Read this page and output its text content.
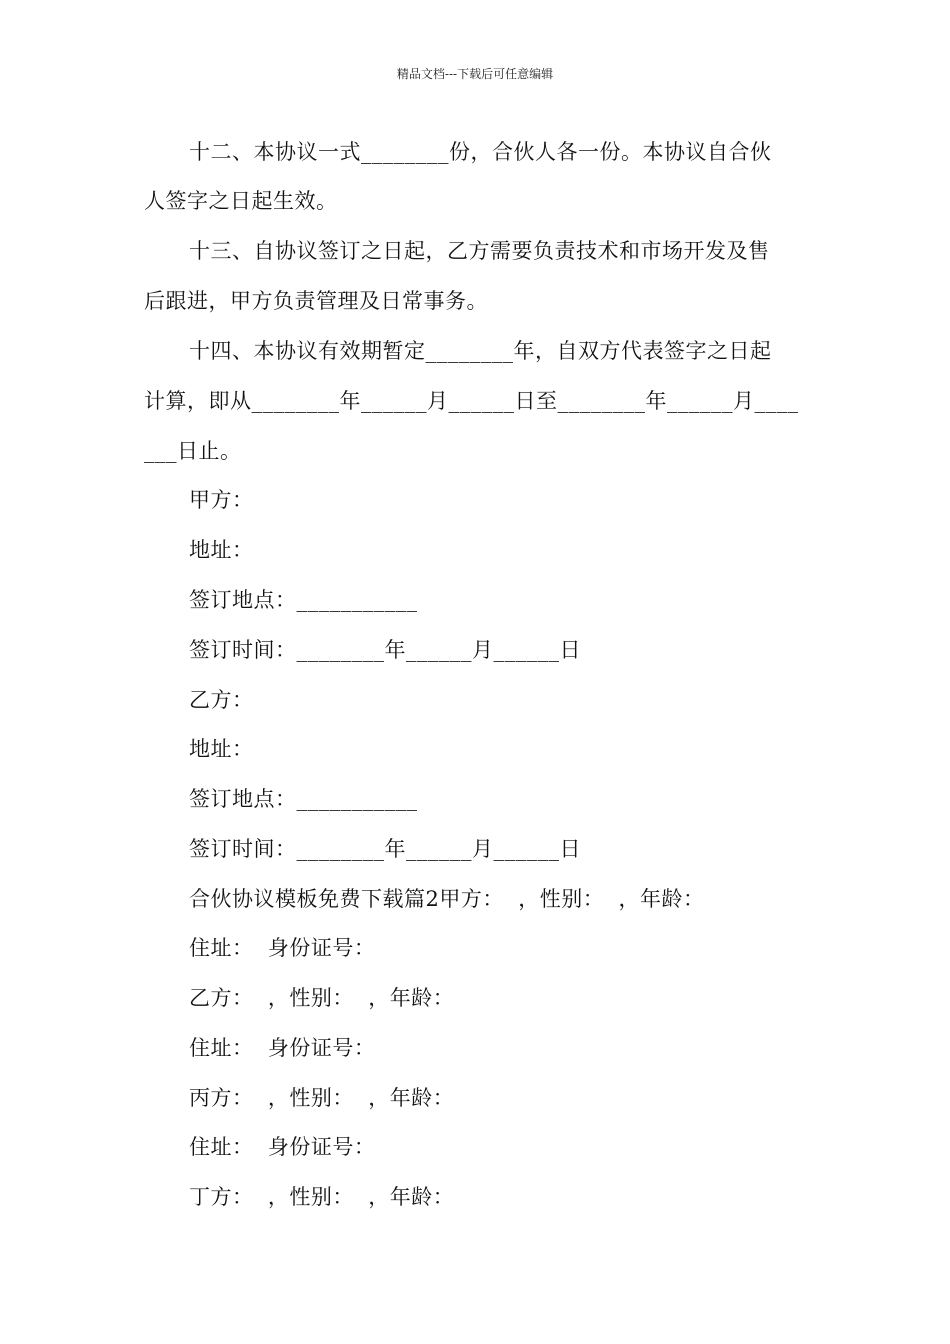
精品文档---下载后可任意编辑
十二、本协议一式________份，合伙人各一份。本协议自合伙
人签字之日起生效。
十三、自协议签订之日起，乙方需要负责技术和市场开发及售
后跟进，甲方负责管理及日常事务。
十四、本协议有效期暂定________年，自双方代表签字之日起
计算，即从________年______月______日至________年______月____
___日止。
甲方：
地址：
签订地点：___________
签订时间：________年______月______日
乙方：
地址：
签订地点：___________
签订时间：________年______月______日
合伙协议模板免费下载篇2甲方：  ，性别：  ，年龄：
住址：  身份证号：
乙方：  ，性别：  ，年龄：
住址：  身份证号：
丙方：  ，性别：  ，年龄：
住址：  身份证号：
丁方：  ，性别：  ，年龄：
